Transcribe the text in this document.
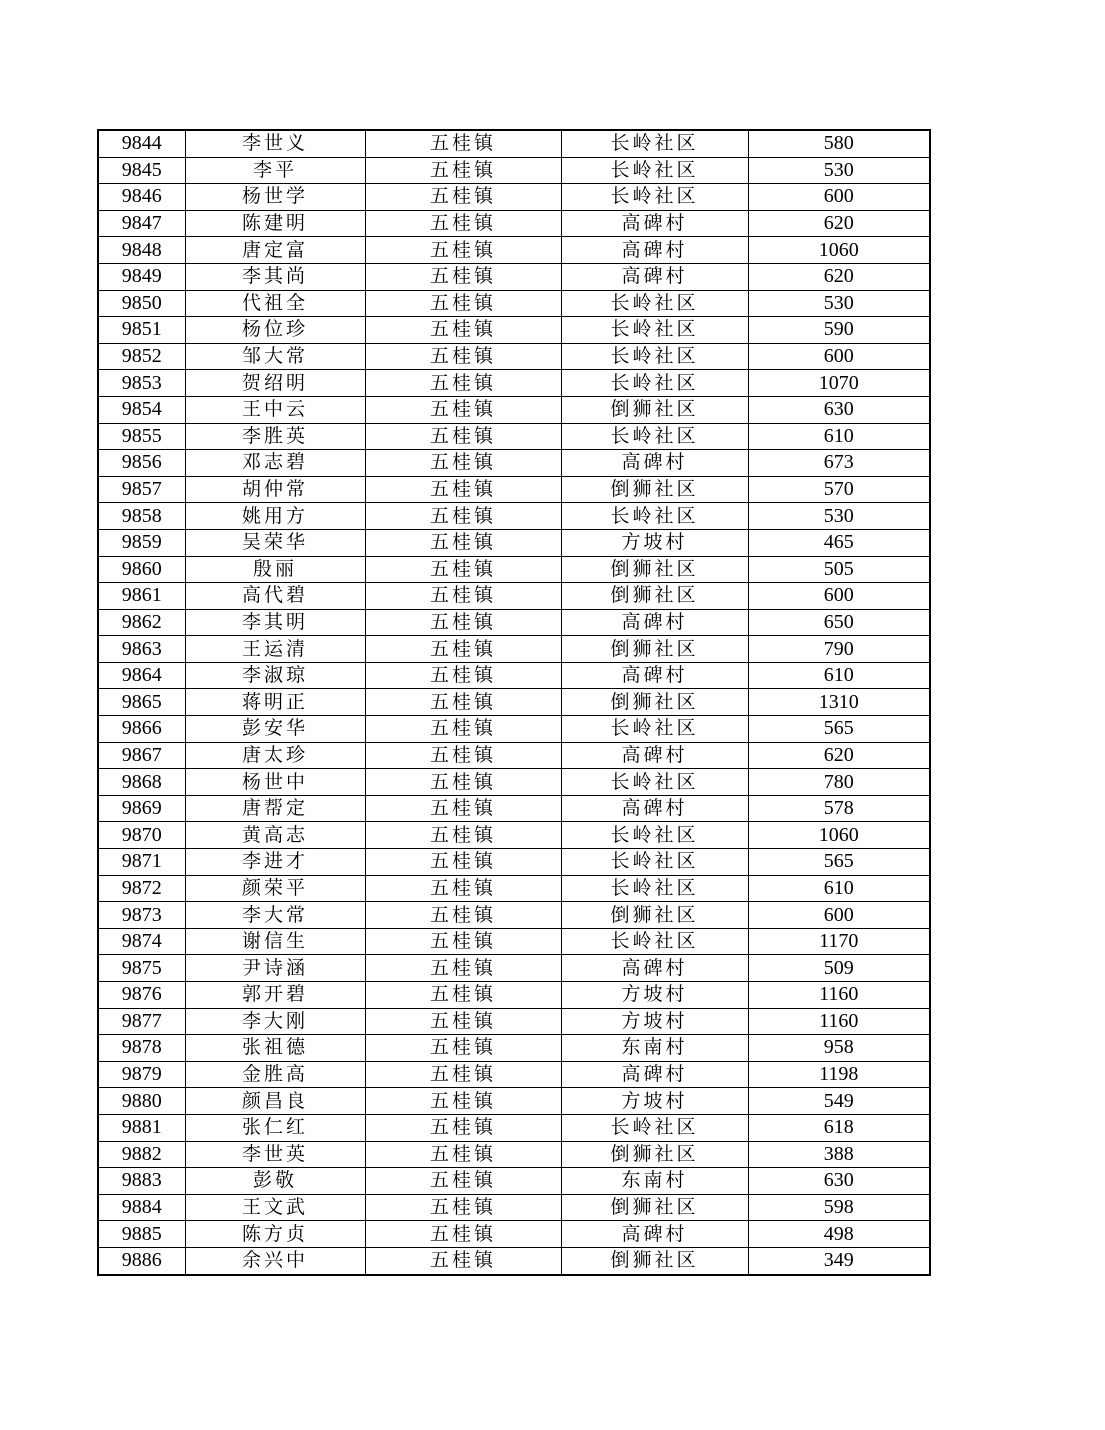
9844	李世义	五桂镇	长岭社区	580
9845	李平	五桂镇	长岭社区	530
9846	杨世学	五桂镇	长岭社区	600
9847	陈建明	五桂镇	高碑村	620
9848	唐定富	五桂镇	高碑村	1060
9849	李其尚	五桂镇	高碑村	620
9850	代祖全	五桂镇	长岭社区	530
9851	杨位珍	五桂镇	长岭社区	590
9852	邹大常	五桂镇	长岭社区	600
9853	贺绍明	五桂镇	长岭社区	1070
9854	王中云	五桂镇	倒狮社区	630
9855	李胜英	五桂镇	长岭社区	610
9856	邓志碧	五桂镇	高碑村	673
9857	胡仲常	五桂镇	倒狮社区	570
9858	姚用方	五桂镇	长岭社区	530
9859	吴荣华	五桂镇	方坡村	465
9860	殷丽	五桂镇	倒狮社区	505
9861	高代碧	五桂镇	倒狮社区	600
9862	李其明	五桂镇	高碑村	650
9863	王运清	五桂镇	倒狮社区	790
9864	李淑琼	五桂镇	高碑村	610
9865	蒋明正	五桂镇	倒狮社区	1310
9866	彭安华	五桂镇	长岭社区	565
9867	唐太珍	五桂镇	高碑村	620
9868	杨世中	五桂镇	长岭社区	780
9869	唐帮定	五桂镇	高碑村	578
9870	黄高志	五桂镇	长岭社区	1060
9871	李进才	五桂镇	长岭社区	565
9872	颜荣平	五桂镇	长岭社区	610
9873	李大常	五桂镇	倒狮社区	600
9874	谢信生	五桂镇	长岭社区	1170
9875	尹诗涵	五桂镇	高碑村	509
9876	郭开碧	五桂镇	方坡村	1160
9877	李大刚	五桂镇	方坡村	1160
9878	张祖德	五桂镇	东南村	958
9879	金胜高	五桂镇	高碑村	1198
9880	颜昌良	五桂镇	方坡村	549
9881	张仁红	五桂镇	长岭社区	618
9882	李世英	五桂镇	倒狮社区	388
9883	彭敬	五桂镇	东南村	630
9884	王文武	五桂镇	倒狮社区	598
9885	陈方贞	五桂镇	高碑村	498
9886	余兴中	五桂镇	倒狮社区	349
